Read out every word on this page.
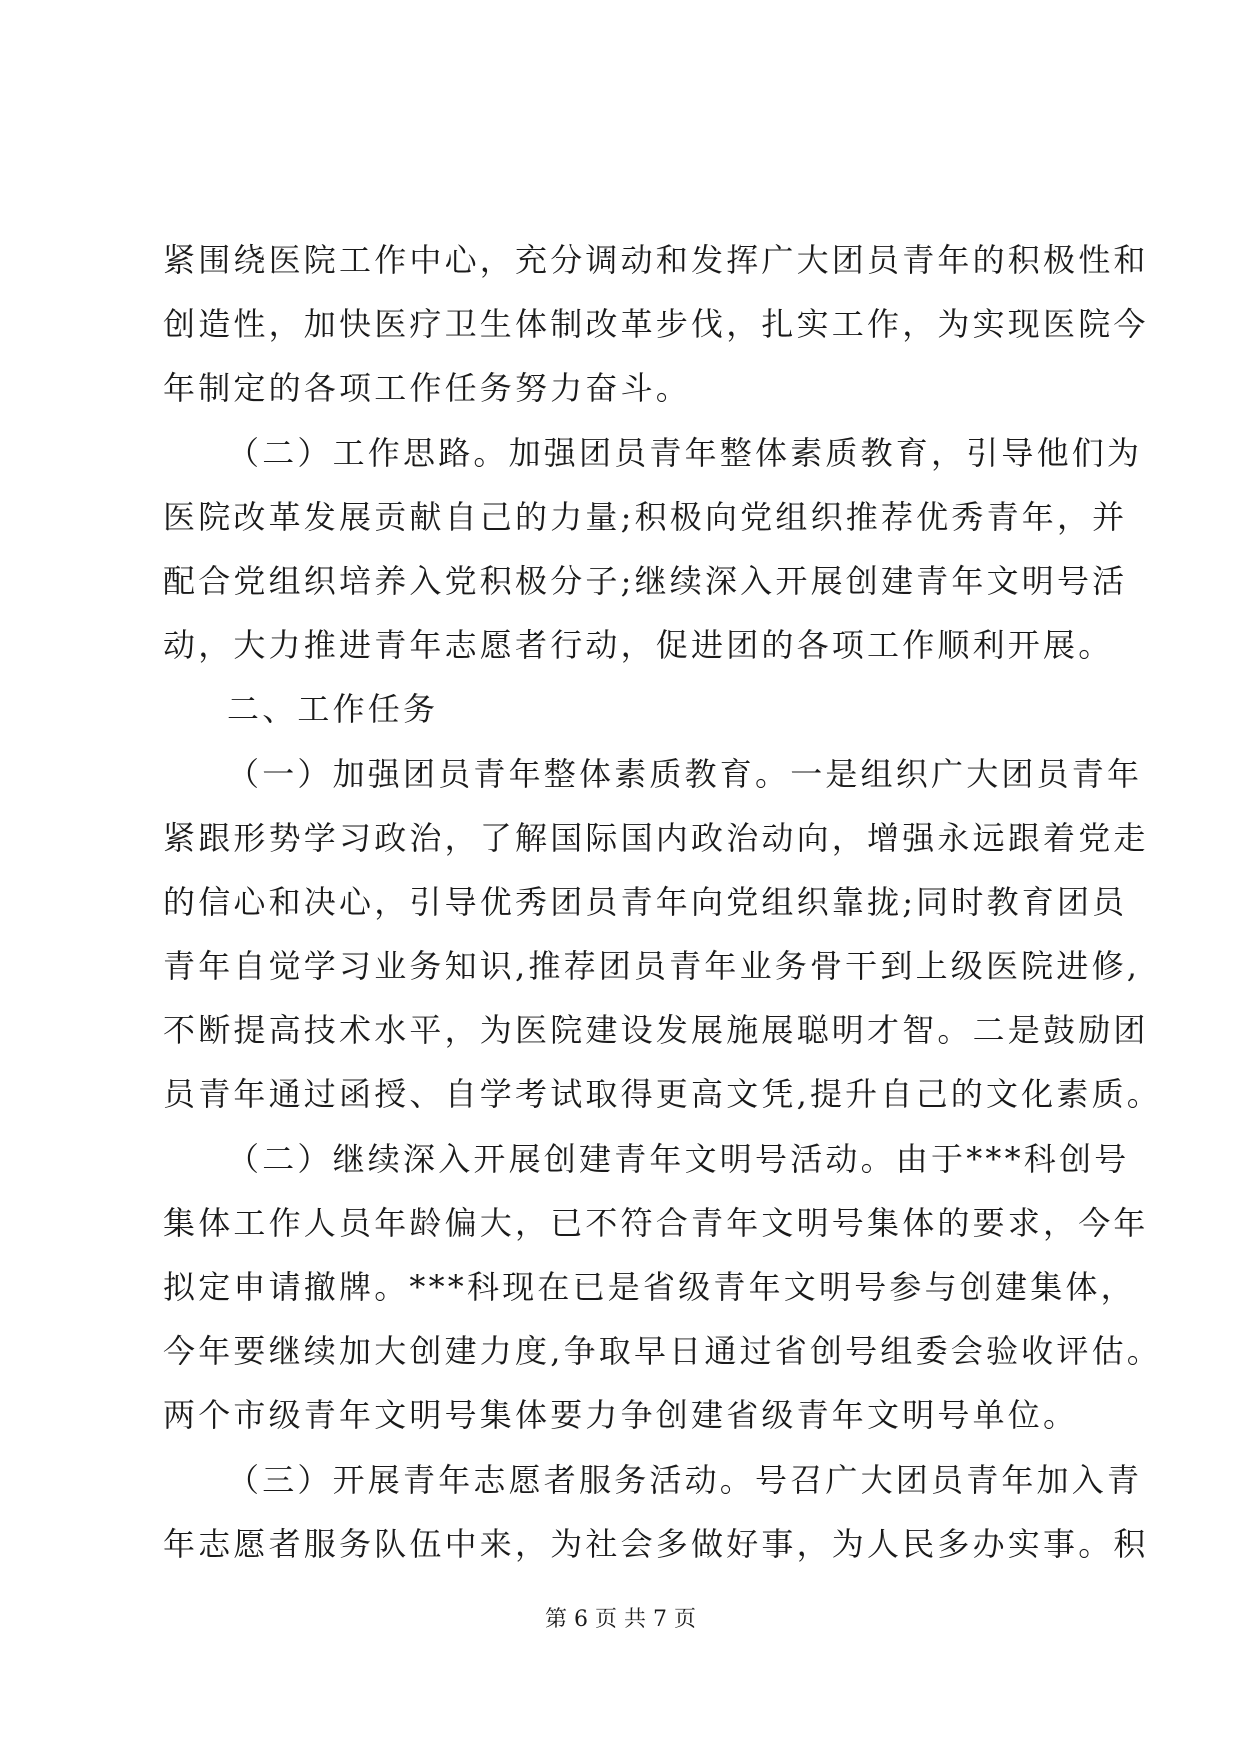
紧围绕医院工作中心，充分调动和发挥广大团员青年的积极性和
创造性，加快医疗卫生体制改革步伐，扎实工作，为实现医院今
年制定的各项工作任务努力奋斗。
（二）工作思路。加强团员青年整体素质教育，引导他们为
医院改革发展贡献自己的力量;积极向党组织推荐优秀青年，并
配合党组织培养入党积极分子;继续深入开展创建青年文明号活
动，大力推进青年志愿者行动，促进团的各项工作顺利开展。
二、工作任务
（一）加强团员青年整体素质教育。一是组织广大团员青年
紧跟形势学习政治，了解国际国内政治动向，增强永远跟着党走
的信心和决心，引导优秀团员青年向党组织靠拢;同时教育团员
青年自觉学习业务知识,推荐团员青年业务骨干到上级医院进修,
不断提高技术水平，为医院建设发展施展聪明才智。二是鼓励团
员青年通过函授、自学考试取得更高文凭,提升自己的文化素质。
（二）继续深入开展创建青年文明号活动。由于***科创号
集体工作人员年龄偏大，已不符合青年文明号集体的要求，今年
拟定申请撤牌。***科现在已是省级青年文明号参与创建集体，
今年要继续加大创建力度,争取早日通过省创号组委会验收评估。
两个市级青年文明号集体要力争创建省级青年文明号单位。
（三）开展青年志愿者服务活动。号召广大团员青年加入青
年志愿者服务队伍中来，为社会多做好事，为人民多办实事。积
第 6 页 共 7 页
